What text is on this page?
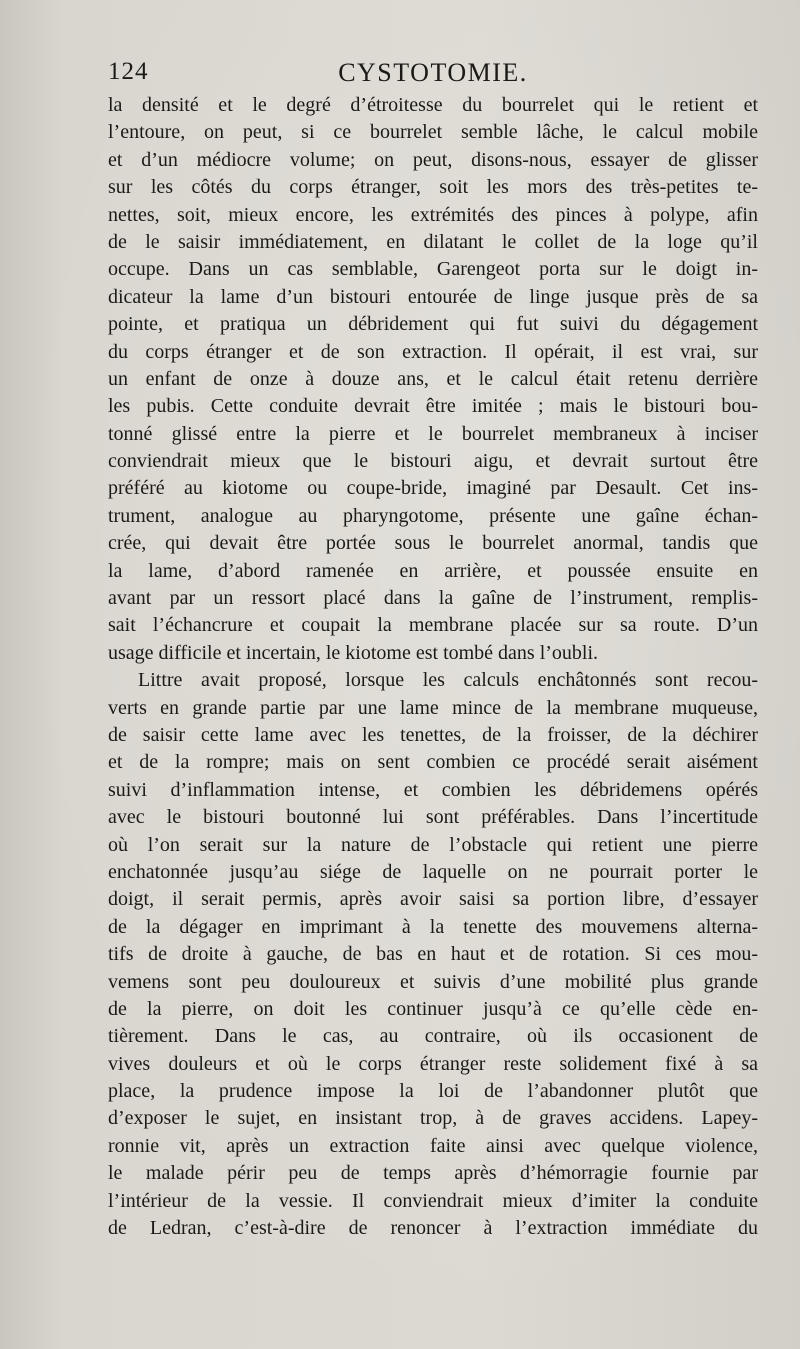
124	CYSTOTOMIE.
la densité et le degré d’étroitesse du bourrelet qui le retient et
l’entoure, on peut, si ce bourrelet semble lâche, le calcul mobile
et d’un médiocre volume; on peut, disons-nous, essayer de glisser
sur les côtés du corps étranger, soit les mors des très-petites te-
nettes, soit, mieux encore, les extrémités des pinces à polype, afin
de le saisir immédiatement, en dilatant le collet de la loge qu’il
occupe. Dans un cas semblable, Garengeot porta sur le doigt in-
dicateur la lame d’un bistouri entourée de linge jusque près de sa
pointe, et pratiqua un débridement qui fut suivi du dégagement
du corps étranger et de son extraction. Il opérait, il est vrai, sur
un enfant de onze à douze ans, et le calcul était retenu derrière
les pubis. Cette conduite devrait être imitée ; mais le bistouri bou-
tonné glissé entre la pierre et le bourrelet membraneux à inciser
conviendrait mieux que le bistouri aigu, et devrait surtout être
préféré au kiotome ou coupe-bride, imaginé par Desault. Cet ins-
trument, analogue au pharyngotome, présente une gaîne échan-
crée, qui devait être portée sous le bourrelet anormal, tandis que
la lame, d’abord ramenée en arrière, et poussée ensuite en
avant par un ressort placé dans la gaîne de l’instrument, remplis-
sait l’échancrure et coupait la membrane placée sur sa route. D’un
usage difficile et incertain, le kiotome est tombé dans l’oubli.
Littre avait proposé, lorsque les calculs enchâtonnés sont recou-
verts en grande partie par une lame mince de la membrane muqueuse,
de saisir cette lame avec les tenettes, de la froisser, de la déchirer
et de la rompre; mais on sent combien ce procédé serait aisément
suivi d’inflammation intense, et combien les débridemens opérés
avec le bistouri boutonné lui sont préférables. Dans l’incertitude
où l’on serait sur la nature de l’obstacle qui retient une pierre
enchatonnée jusqu’au siége de laquelle on ne pourrait porter le
doigt, il serait permis, après avoir saisi sa portion libre, d’essayer
de la dégager en imprimant à la tenette des mouvemens alterna-
tifs de droite à gauche, de bas en haut et de rotation. Si ces mou-
vemens sont peu douloureux et suivis d’une mobilité plus grande
de la pierre, on doit les continuer jusqu’à ce qu’elle cède en-
tièrement. Dans le cas, au contraire, où ils occasionent de
vives douleurs et où le corps étranger reste solidement fixé à sa
place, la prudence impose la loi de l’abandonner plutôt que
d’exposer le sujet, en insistant trop, à de graves accidens. Lapey-
ronnie vit, après un extraction faite ainsi avec quelque violence,
le malade périr peu de temps après d’hémorragie fournie par
l’intérieur de la vessie. Il conviendrait mieux d’imiter la conduite
de Ledran, c’est-à-dire de renoncer à l’extraction immédiate du
